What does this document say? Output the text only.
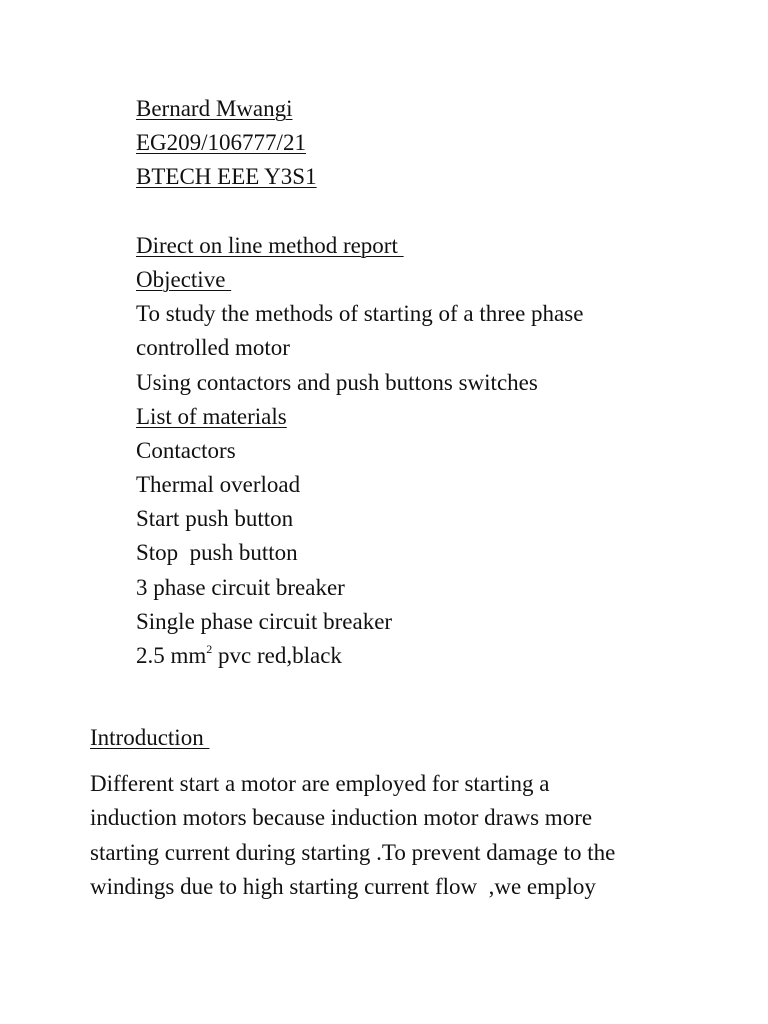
Bernard Mwangi
EG209/106777/21
BTECH EEE Y3S1
Direct on line method report
Objective
To study the methods of starting of a three phase
controlled motor
Using contactors and push buttons switches
List of materials
Contactors
Thermal overload
Start push button
Stop  push button
3 phase circuit breaker
Single phase circuit breaker
2.5 $mm^2$ pvc red,black
Introduction
Different start a motor are employed for starting a
induction motors because induction motor draws more
starting current during starting .To prevent damage to the
windings due to high starting current flow  ,we employ
